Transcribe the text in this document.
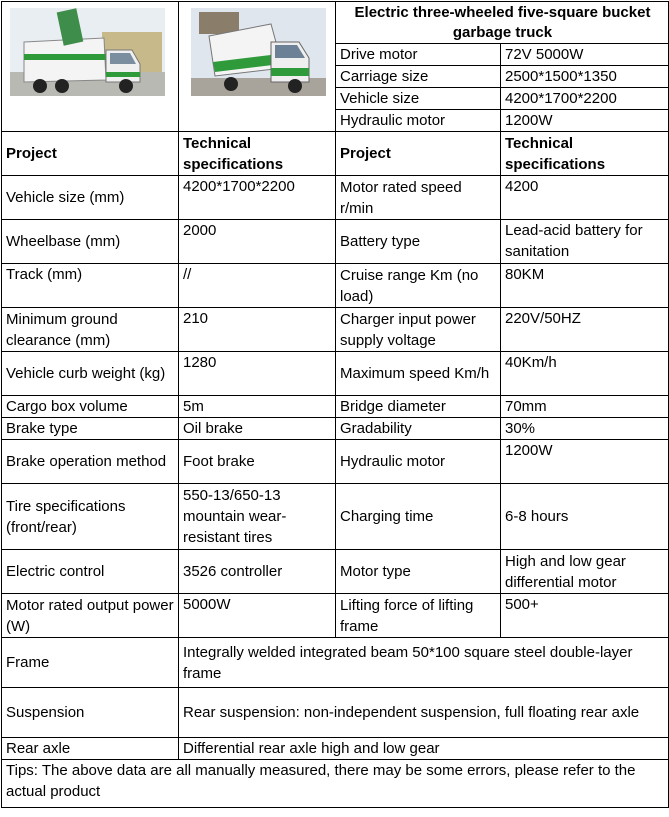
	Electric three-wheeled five-square bucket garbage truck	
		Drive motor	72V 5000W
		Carriage size	2500*1500*1350
		Vehicle size	4200*1700*2200
		Hydraulic motor	1200W
Project	Technical specifications	Project	Technical specifications
Vehicle size (mm)	4200*1700*2200	Motor rated speed r/min	4200
Wheelbase (mm)	2000	Battery type	Lead-acid battery for sanitation
Track (mm)	//	Cruise range Km (no load)	80KM
Minimum ground clearance (mm)	210	Charger input power supply voltage	220V/50HZ
Vehicle curb weight (kg)	1280	Maximum speed Km/h	40Km/h
Cargo box volume	5m	Bridge diameter	70mm
Brake type	Oil brake	Gradability	30%
Brake operation method	Foot brake	Hydraulic motor	1200W
Tire specifications (front/rear)	550-13/650-13 mountain wear-resistant tires	Charging time	6-8 hours
Electric control	3526 controller	Motor type	High and low gear differential motor
Motor rated output power (W)	5000W	Lifting force of lifting frame	500+
Frame	Integrally welded integrated beam 50*100 square steel double-layer frame		
Suspension	Rear suspension: non-independent suspension, full floating rear axle		
Rear axle	Differential rear axle high and low gear		
Tips: The above data are all manually measured, there may be some errors, please refer to the actual product			
